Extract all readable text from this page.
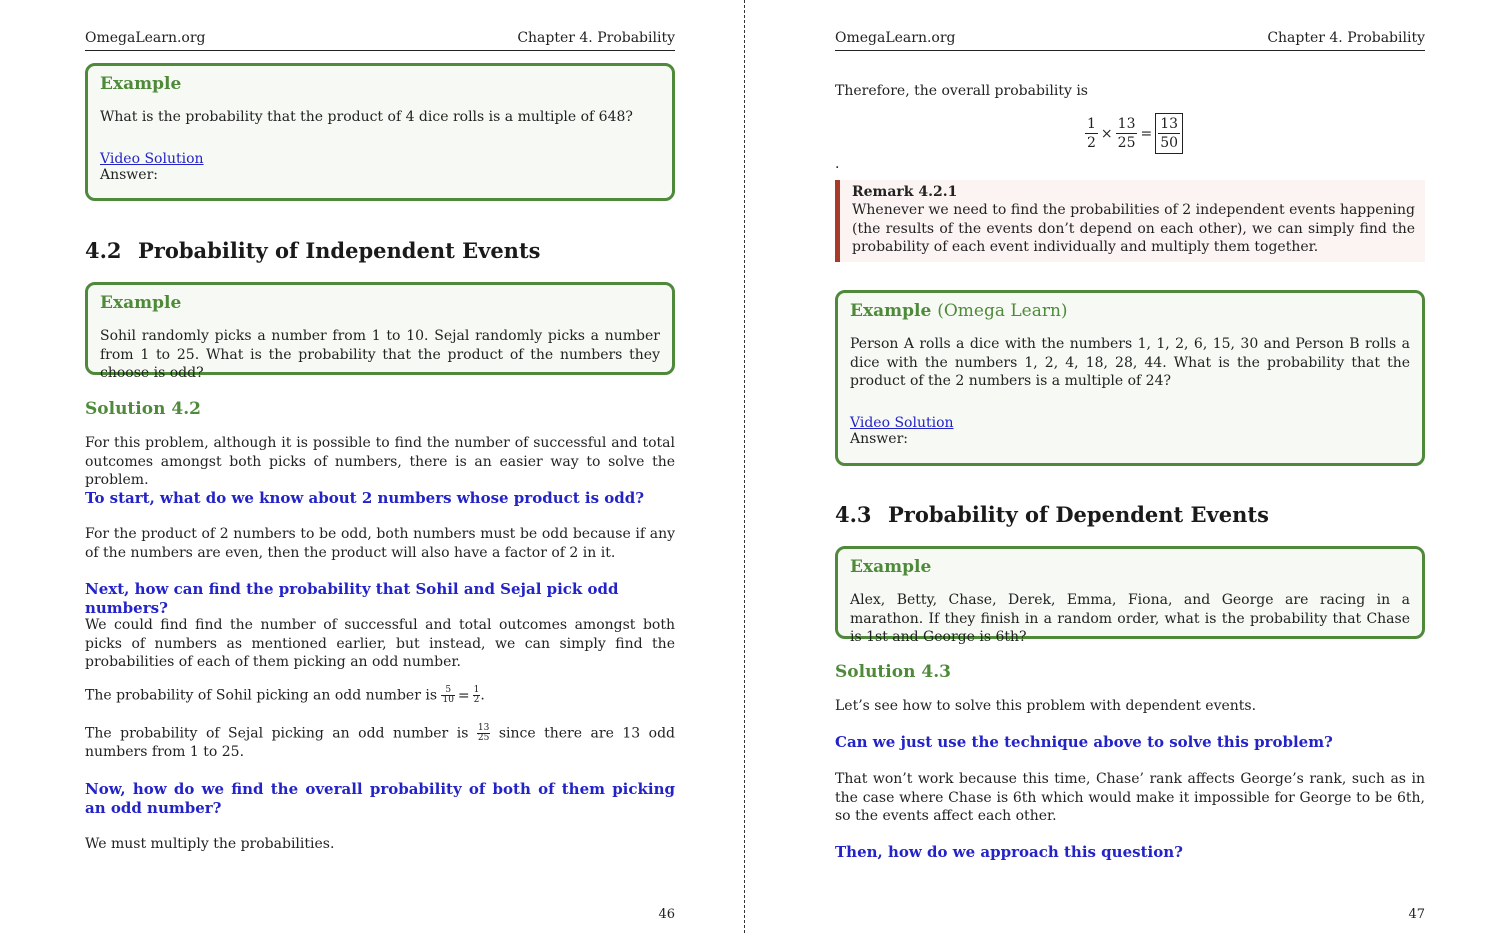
OmegaLearn.org	Chapter 4. Probability
Example
What is the probability that the product of 4 dice rolls is a multiple of 648?
Video Solution
Answer:
4.2 Probability of Independent Events
Example
Sohil randomly picks a number from 1 to 10. Sejal randomly picks a number from 1 to 25. What is the probability that the product of the numbers they choose is odd?
Solution 4.2
For this problem, although it is possible to find the number of successful and total outcomes amongst both picks of numbers, there is an easier way to solve the problem.
To start, what do we know about 2 numbers whose product is odd?
For the product of 2 numbers to be odd, both numbers must be odd because if any of the numbers are even, then the product will also have a factor of 2 in it.
Next, how can find the probability that Sohil and Sejal pick odd numbers?
We could find find the number of successful and total outcomes amongst both picks of numbers as mentioned earlier, but instead, we can simply find the probabilities of each of them picking an odd number.
The probability of Sohil picking an odd number is $\frac{5}{10} = \frac{1}{2}$ .
The probability of Sejal picking an odd number is $\frac{13}{25}$ since there are 13 odd numbers from 1 to 25.
Now, how do we find the overall probability of both of them picking an odd number?
We must multiply the probabilities.
46
OmegaLearn.org	Chapter 4. Probability
Therefore, the overall probability is
$\frac{1}{2} \times \frac{13}{25} = \frac{13}{50}$
.
Remark 4.2.1
Whenever we need to find the probabilities of 2 independent events happening (the results of the events don’t depend on each other), we can simply find the probability of each event individually and multiply them together.
Example (Omega Learn)
Person A rolls a dice with the numbers 1, 1, 2, 6, 15, 30 and Person B rolls a dice with the numbers 1, 2, 4, 18, 28, 44. What is the probability that the product of the 2 numbers is a multiple of 24?
Video Solution
Answer:
4.3 Probability of Dependent Events
Example
Alex, Betty, Chase, Derek, Emma, Fiona, and George are racing in a marathon. If they finish in a random order, what is the probability that Chase is 1st and George is 6th?
Solution 4.3
Let’s see how to solve this problem with dependent events.
Can we just use the technique above to solve this problem?
That won’t work because this time, Chase’ rank affects George’s rank, such as in the case where Chase is 6th which would make it impossible for George to be 6th, so the events affect each other.
Then, how do we approach this question?
47
